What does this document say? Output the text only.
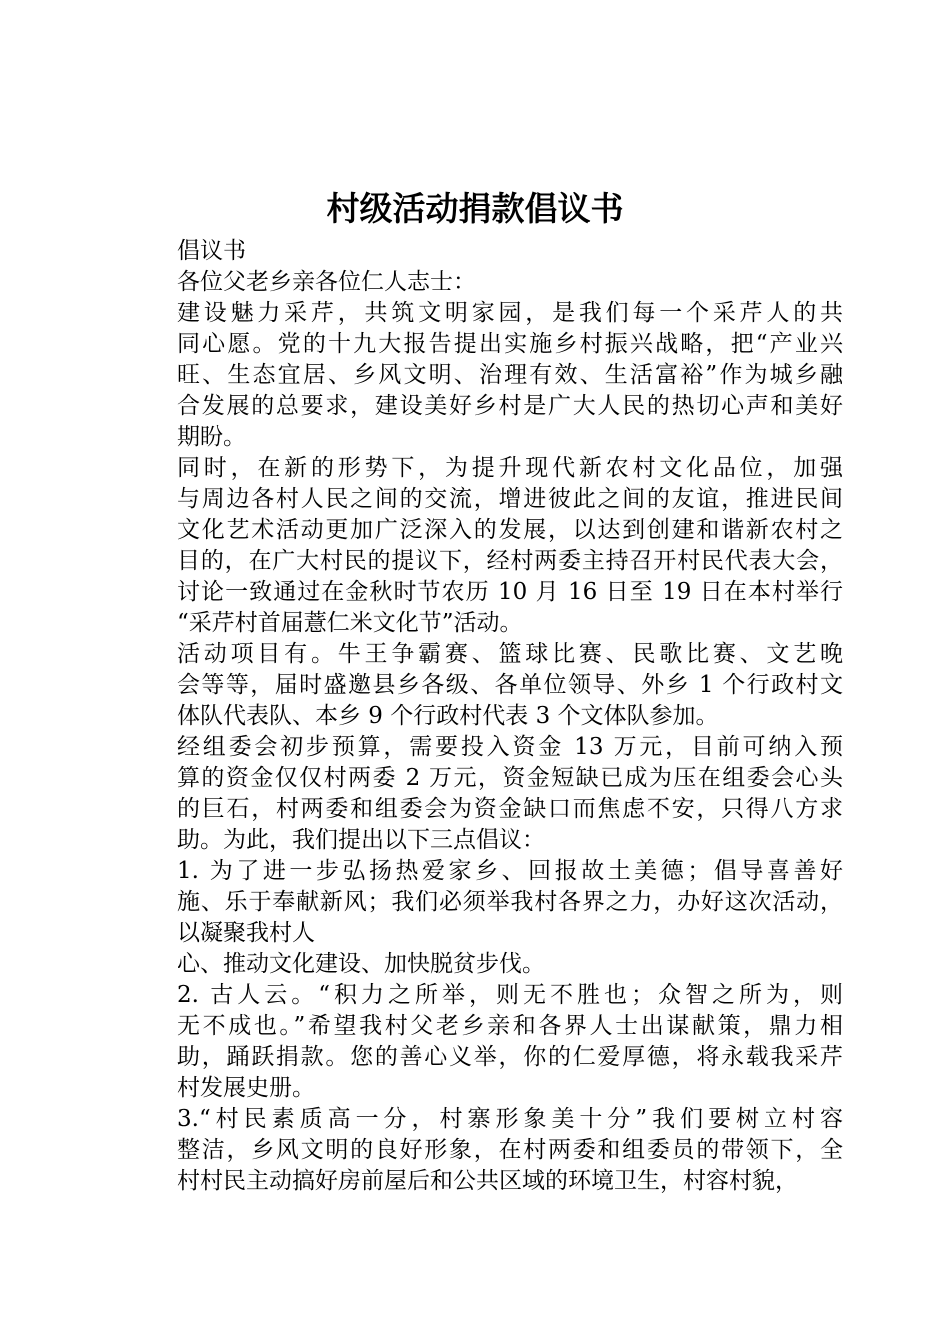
村级活动捐款倡议书

倡议书

各位父老乡亲各位仁人志士：

建设魅力采芹，共筑文明家园，是我们每一个采芹人的共
同心愿。党的十九大报告提出实施乡村振兴战略，把“产业兴
旺、生态宜居、乡风文明、治理有效、生活富裕”作为城乡融
合发展的总要求，建设美好乡村是广大人民的热切心声和美好
期盼。

同时，在新的形势下，为提升现代新农村文化品位，加强
与周边各村人民之间的交流，增进彼此之间的友谊，推进民间
文化艺术活动更加广泛深入的发展，以达到创建和谐新农村之
目的，在广大村民的提议下，经村两委主持召开村民代表大会，
讨论一致通过在金秋时节农历 10 月 16 日至 19 日在本村举行
“采芹村首届薏仁米文化节”活动。

活动项目有。牛王争霸赛、篮球比赛、民歌比赛、文艺晚
会等等，届时盛邀县乡各级、各单位领导、外乡 1 个行政村文
体队代表队、本乡 9 个行政村代表 3 个文体队参加。

经组委会初步预算，需要投入资金 13 万元，目前可纳入预
算的资金仅仅村两委 2 万元，资金短缺已成为压在组委会心头
的巨石，村两委和组委会为资金缺口而焦虑不安，只得八方求
助。为此，我们提出以下三点倡议：

1. 为了进一步弘扬热爱家乡、回报故土美德；倡导喜善好
施、乐于奉献新风；我们必须举我村各界之力，办好这次活动，
以凝聚我村人

心、推动文化建设、加快脱贫步伐。

2. 古人云。“积力之所举，则无不胜也；众智之所为，则
无不成也。”希望我村父老乡亲和各界人士出谋献策，鼎力相
助，踊跃捐款。您的善心义举，你的仁爱厚德，将永载我采芹
村发展史册。

3.“村民素质高一分，村寨形象美十分”我们要树立村容
整洁，乡风文明的良好形象，在村两委和组委员的带领下，全
村村民主动搞好房前屋后和公共区域的环境卫生，村容村貌，
